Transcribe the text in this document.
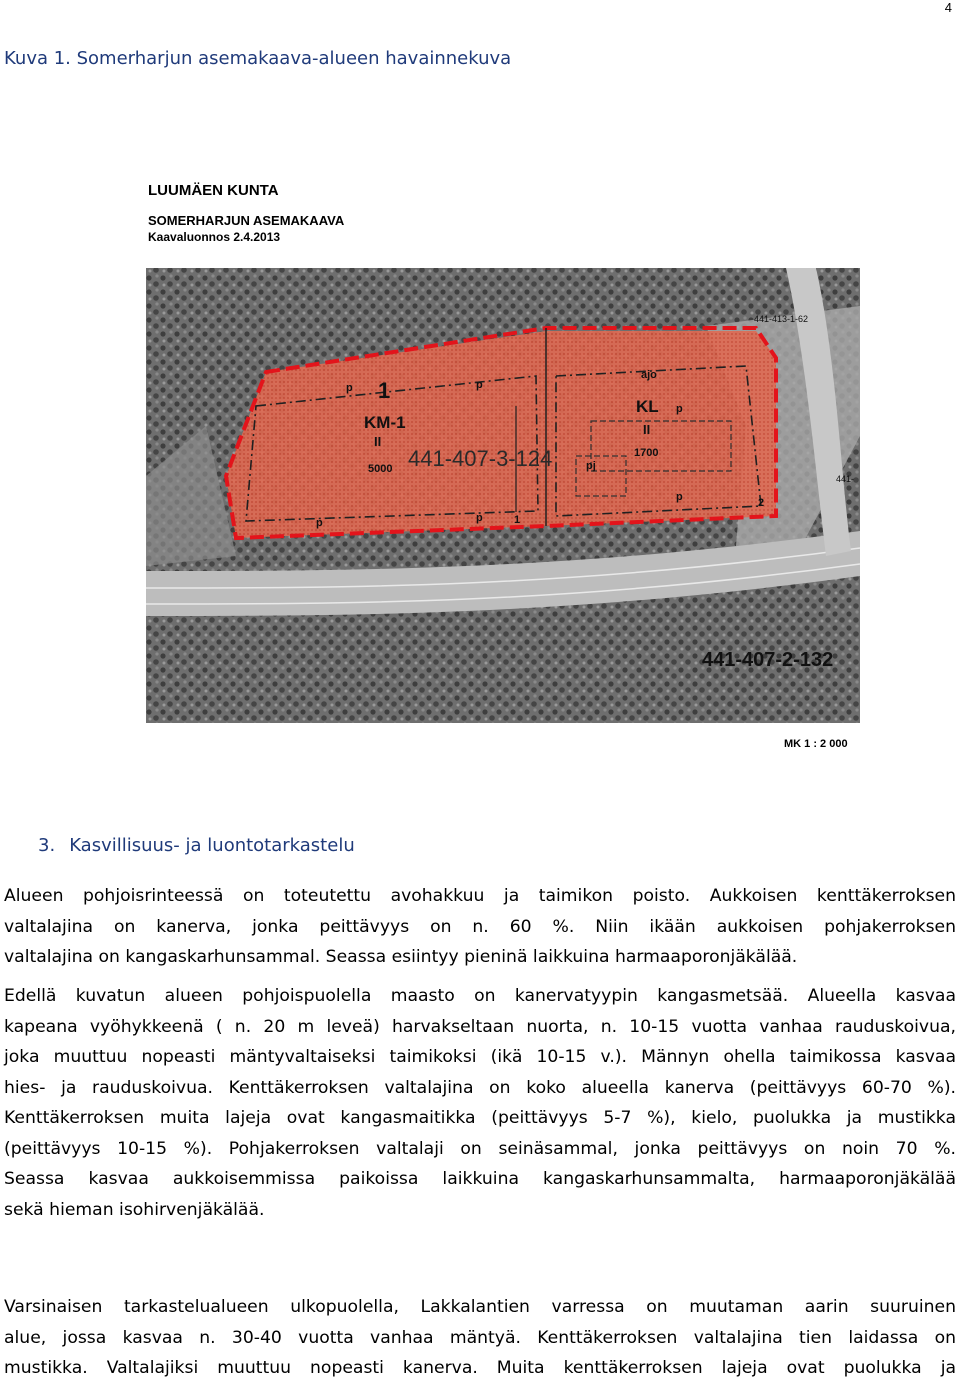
4
Kuva 1. Somerharjun asemakaava-alueen havainnekuva
LUUMÄEN KUNTA
SOMERHARJUN ASEMAKAAVA
Kaavaluonnos 2.4.2013
1
KM-1
II
5000 441-407-3-124
ajo
KL
II
1700
pj
p	p
p
p	p
p
1
2
441-413-1-62
441-
441-407-2-132
MK 1 : 2 000
3. Kasvillisuus- ja luontotarkastelu
Alueen pohjoisrinteessä on toteutettu avohakkuu ja taimikon poisto. Aukkoisen kenttäkerroksen
valtalajina on kanerva, jonka peittävyys on n. 60 %. Niin ikään aukkoisen pohjakerroksen
valtalajina on kangaskarhunsammal. Seassa esiintyy pieninä laikkuina harmaaporonjäkälää.
Edellä kuvatun alueen pohjoispuolella maasto on kanervatyypin kangasmetsää. Alueella kasvaa
kapeana vyöhykkeenä ( n. 20 m leveä) harvakseltaan nuorta, n. 10-15 vuotta vanhaa rauduskoivua,
joka muuttuu nopeasti mäntyvaltaiseksi taimikoksi (ikä 10-15 v.). Männyn ohella taimikossa kasvaa
hies- ja rauduskoivua. Kenttäkerroksen valtalajina on koko alueella kanerva (peittävyys 60-70 %).
Kenttäkerroksen muita lajeja ovat kangasmaitikka (peittävyys 5-7 %), kielo, puolukka ja mustikka
(peittävyys 10-15 %). Pohjakerroksen valtalaji on seinäsammal, jonka peittävyys on noin 70 %.
Seassa kasvaa aukkoisemmissa paikoissa laikkuina kangaskarhunsammalta, harmaaporonjäkälää
sekä hieman isohirvenjäkälää.
Varsinaisen tarkastelualueen ulkopuolella, Lakkalantien varressa on muutaman aarin suuruinen
alue, jossa kasvaa n. 30-40 vuotta vanhaa mäntyä. Kenttäkerroksen valtalajina tien laidassa on
mustikka. Valtalajiksi muuttuu nopeasti kanerva. Muita kenttäkerroksen lajeja ovat puolukka ja
